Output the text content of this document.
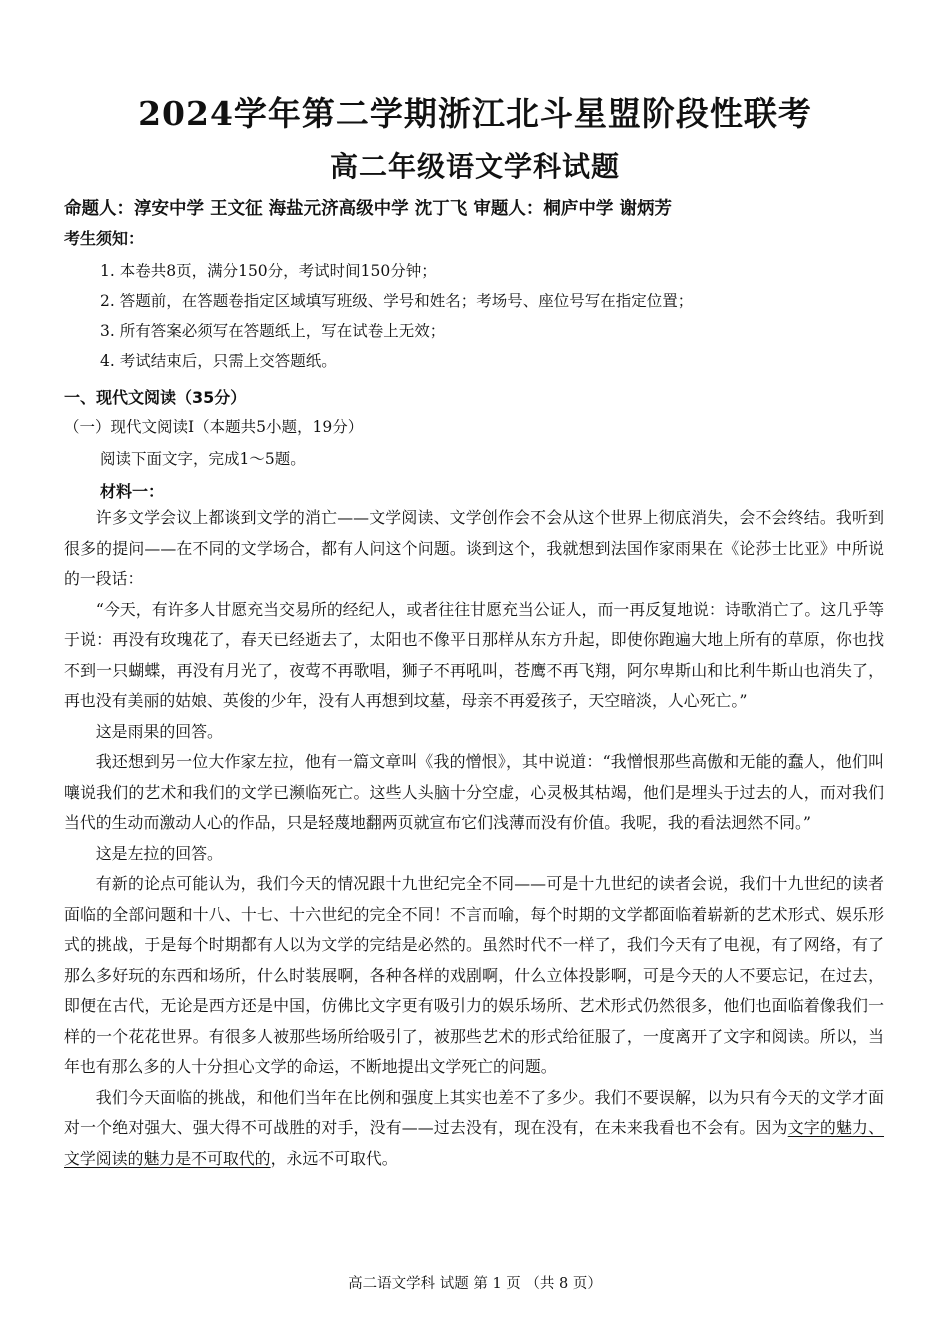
2024学年第二学期浙江北斗星盟阶段性联考
高二年级语文学科试题
命题人：淳安中学 王文征 海盐元济高级中学 沈丁飞 审题人：桐庐中学 谢炳芳
考生须知：
1. 本卷共8页，满分150分，考试时间150分钟；
2. 答题前，在答题卷指定区域填写班级、学号和姓名；考场号、座位号写在指定位置；
3. 所有答案必须写在答题纸上，写在试卷上无效；
4. 考试结束后，只需上交答题纸。
一、现代文阅读（35分）
（一）现代文阅读Ⅰ（本题共5小题，19分）
阅读下面文字，完成1～5题。
材料一：

许多文学会议上都谈到文学的消亡——文学阅读、文学创作会不会从这个世界上彻底消失，会不会终结。我听到很多的提问——在不同的文学场合，都有人问这个问题。谈到这个，我就想到法国作家雨果在《论莎士比亚》中所说的一段话：

“今天，有许多人甘愿充当交易所的经纪人，或者往往甘愿充当公证人，而一再反复地说：诗歌消亡了。这几乎等于说：再没有玫瑰花了，春天已经逝去了，太阳也不像平日那样从东方升起，即使你跑遍大地上所有的草原，你也找不到一只蝴蝶，再没有月光了，夜莺不再歌唱，狮子不再吼叫，苍鹰不再飞翔，阿尔卑斯山和比利牛斯山也消失了，再也没有美丽的姑娘、英俊的少年，没有人再想到坟墓，母亲不再爱孩子，天空暗淡，人心死亡。”

这是雨果的回答。

我还想到另一位大作家左拉，他有一篇文章叫《我的憎恨》，其中说道：“我憎恨那些高傲和无能的蠢人，他们叫嚷说我们的艺术和我们的文学已濒临死亡。这些人头脑十分空虚，心灵极其枯竭，他们是埋头于过去的人，而对我们当代的生动而激动人心的作品，只是轻蔑地翻两页就宣布它们浅薄而没有价值。我呢，我的看法迥然不同。”

这是左拉的回答。

有新的论点可能认为，我们今天的情况跟十九世纪完全不同——可是十九世纪的读者会说，我们十九世纪的读者面临的全部问题和十八、十七、十六世纪的完全不同！不言而喻，每个时期的文学都面临着崭新的艺术形式、娱乐形式的挑战，于是每个时期都有人以为文学的完结是必然的。虽然时代不一样了，我们今天有了电视，有了网络，有了那么多好玩的东西和场所，什么时装展啊，各种各样的戏剧啊，什么立体投影啊，可是今天的人不要忘记，在过去，即便在古代，无论是西方还是中国，仿佛比文字更有吸引力的娱乐场所、艺术形式仍然很多，他们也面临着像我们一样的一个花花世界。有很多人被那些场所给吸引了，被那些艺术的形式给征服了，一度离开了文字和阅读。所以，当年也有那么多的人十分担心文学的命运，不断地提出文学死亡的问题。

我们今天面临的挑战，和他们当年在比例和强度上其实也差不了多少。我们不要误解，以为只有今天的文学才面对一个绝对强大、强大得不可战胜的对手，没有——过去没有，现在没有，在未来我看也不会有。因为文字的魅力、文学阅读的魅力是不可取代的，永远不可取代。

高二语文学科 试题 第 1 页 （共 8 页）
